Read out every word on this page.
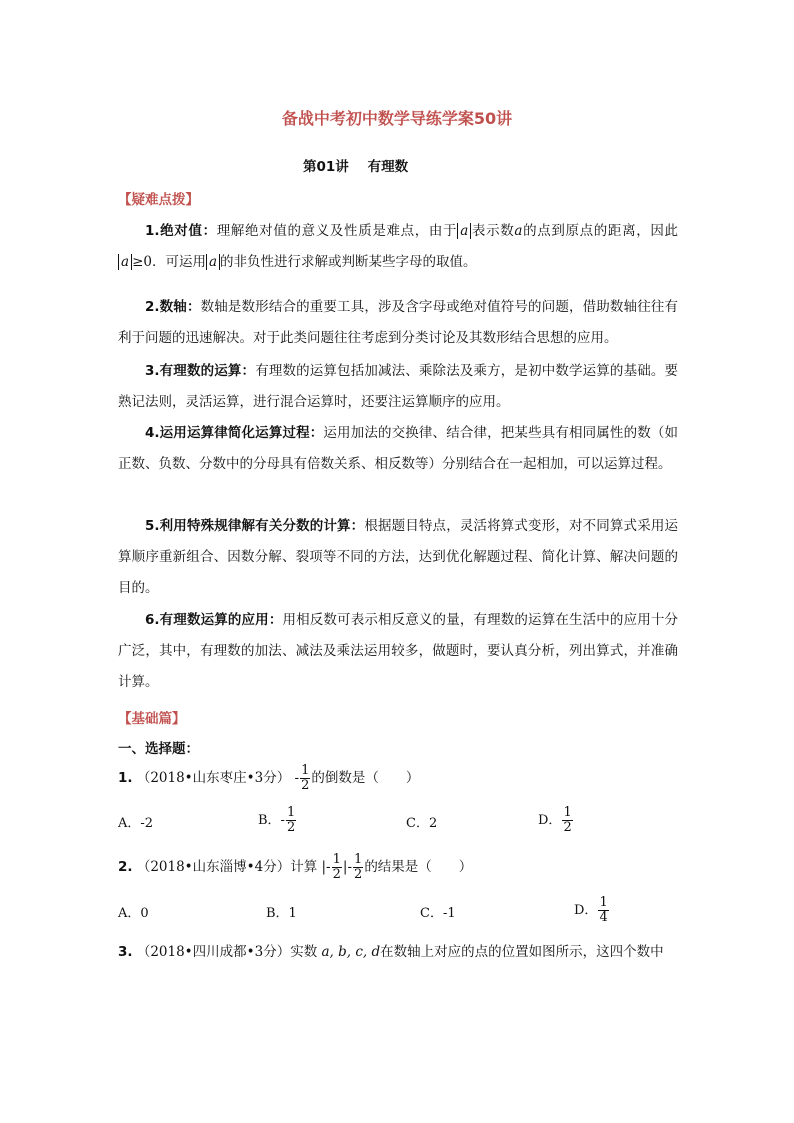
备战中考初中数学导练学案50讲
第01讲 有理数
【疑难点拨】
1.绝对值：理解绝对值的意义及性质是难点，由于 a 表示数a的点到原点的距离，因此a ≥0．可运用 a 的非负性进行求解或判断某些字母的取值。
2.数轴：数轴是数形结合的重要工具，涉及含字母或绝对值符号的问题，借助数轴往往有利于问题的迅速解决。对于此类问题往往考虑到分类讨论及其数形结合思想的应用。
3.有理数的运算：有理数的运算包括加减法、乘除法及乘方，是初中数学运算的基础。要熟记法则，灵活运算，进行混合运算时，还要注运算顺序的应用。
4.运用运算律简化运算过程：运用加法的交换律、结合律，把某些具有相同属性的数（如正数、负数、分数中的分母具有倍数关系、相反数等）分别结合在一起相加，可以运算过程。
5.利用特殊规律解有关分数的计算：根据题目特点，灵活将算式变形，对不同算式采用运算顺序重新组合、因数分解、裂项等不同的方法，达到优化解题过程、简化计算、解决问题的目的。
6.有理数运算的应用：用相反数可表示相反意义的量，有理数的运算在生活中的应用十分广泛，其中，有理数的加法、减法及乘法运用较多，做题时，要认真分析，列出算式，并准确计算。
【基础篇】
一、选择题：
1. （2018•山东枣庄•3分） - $\frac{1}{2}$ 的倒数是（　　）
A．-2	B．- $\frac{1}{2}$	C．2	D． $\frac{1}{2}$
2. （2018•山东淄博•4分）计算 |- $\frac{1}{2}$ |- $\frac{1}{2}$ 的结果是（　　）
A．0	B．1	C．-1	D． $\frac{1}{4}$
3. （2018•四川成都•3分）实数 a, b, c, d在数轴上对应的点的位置如图所示，这四个数中
